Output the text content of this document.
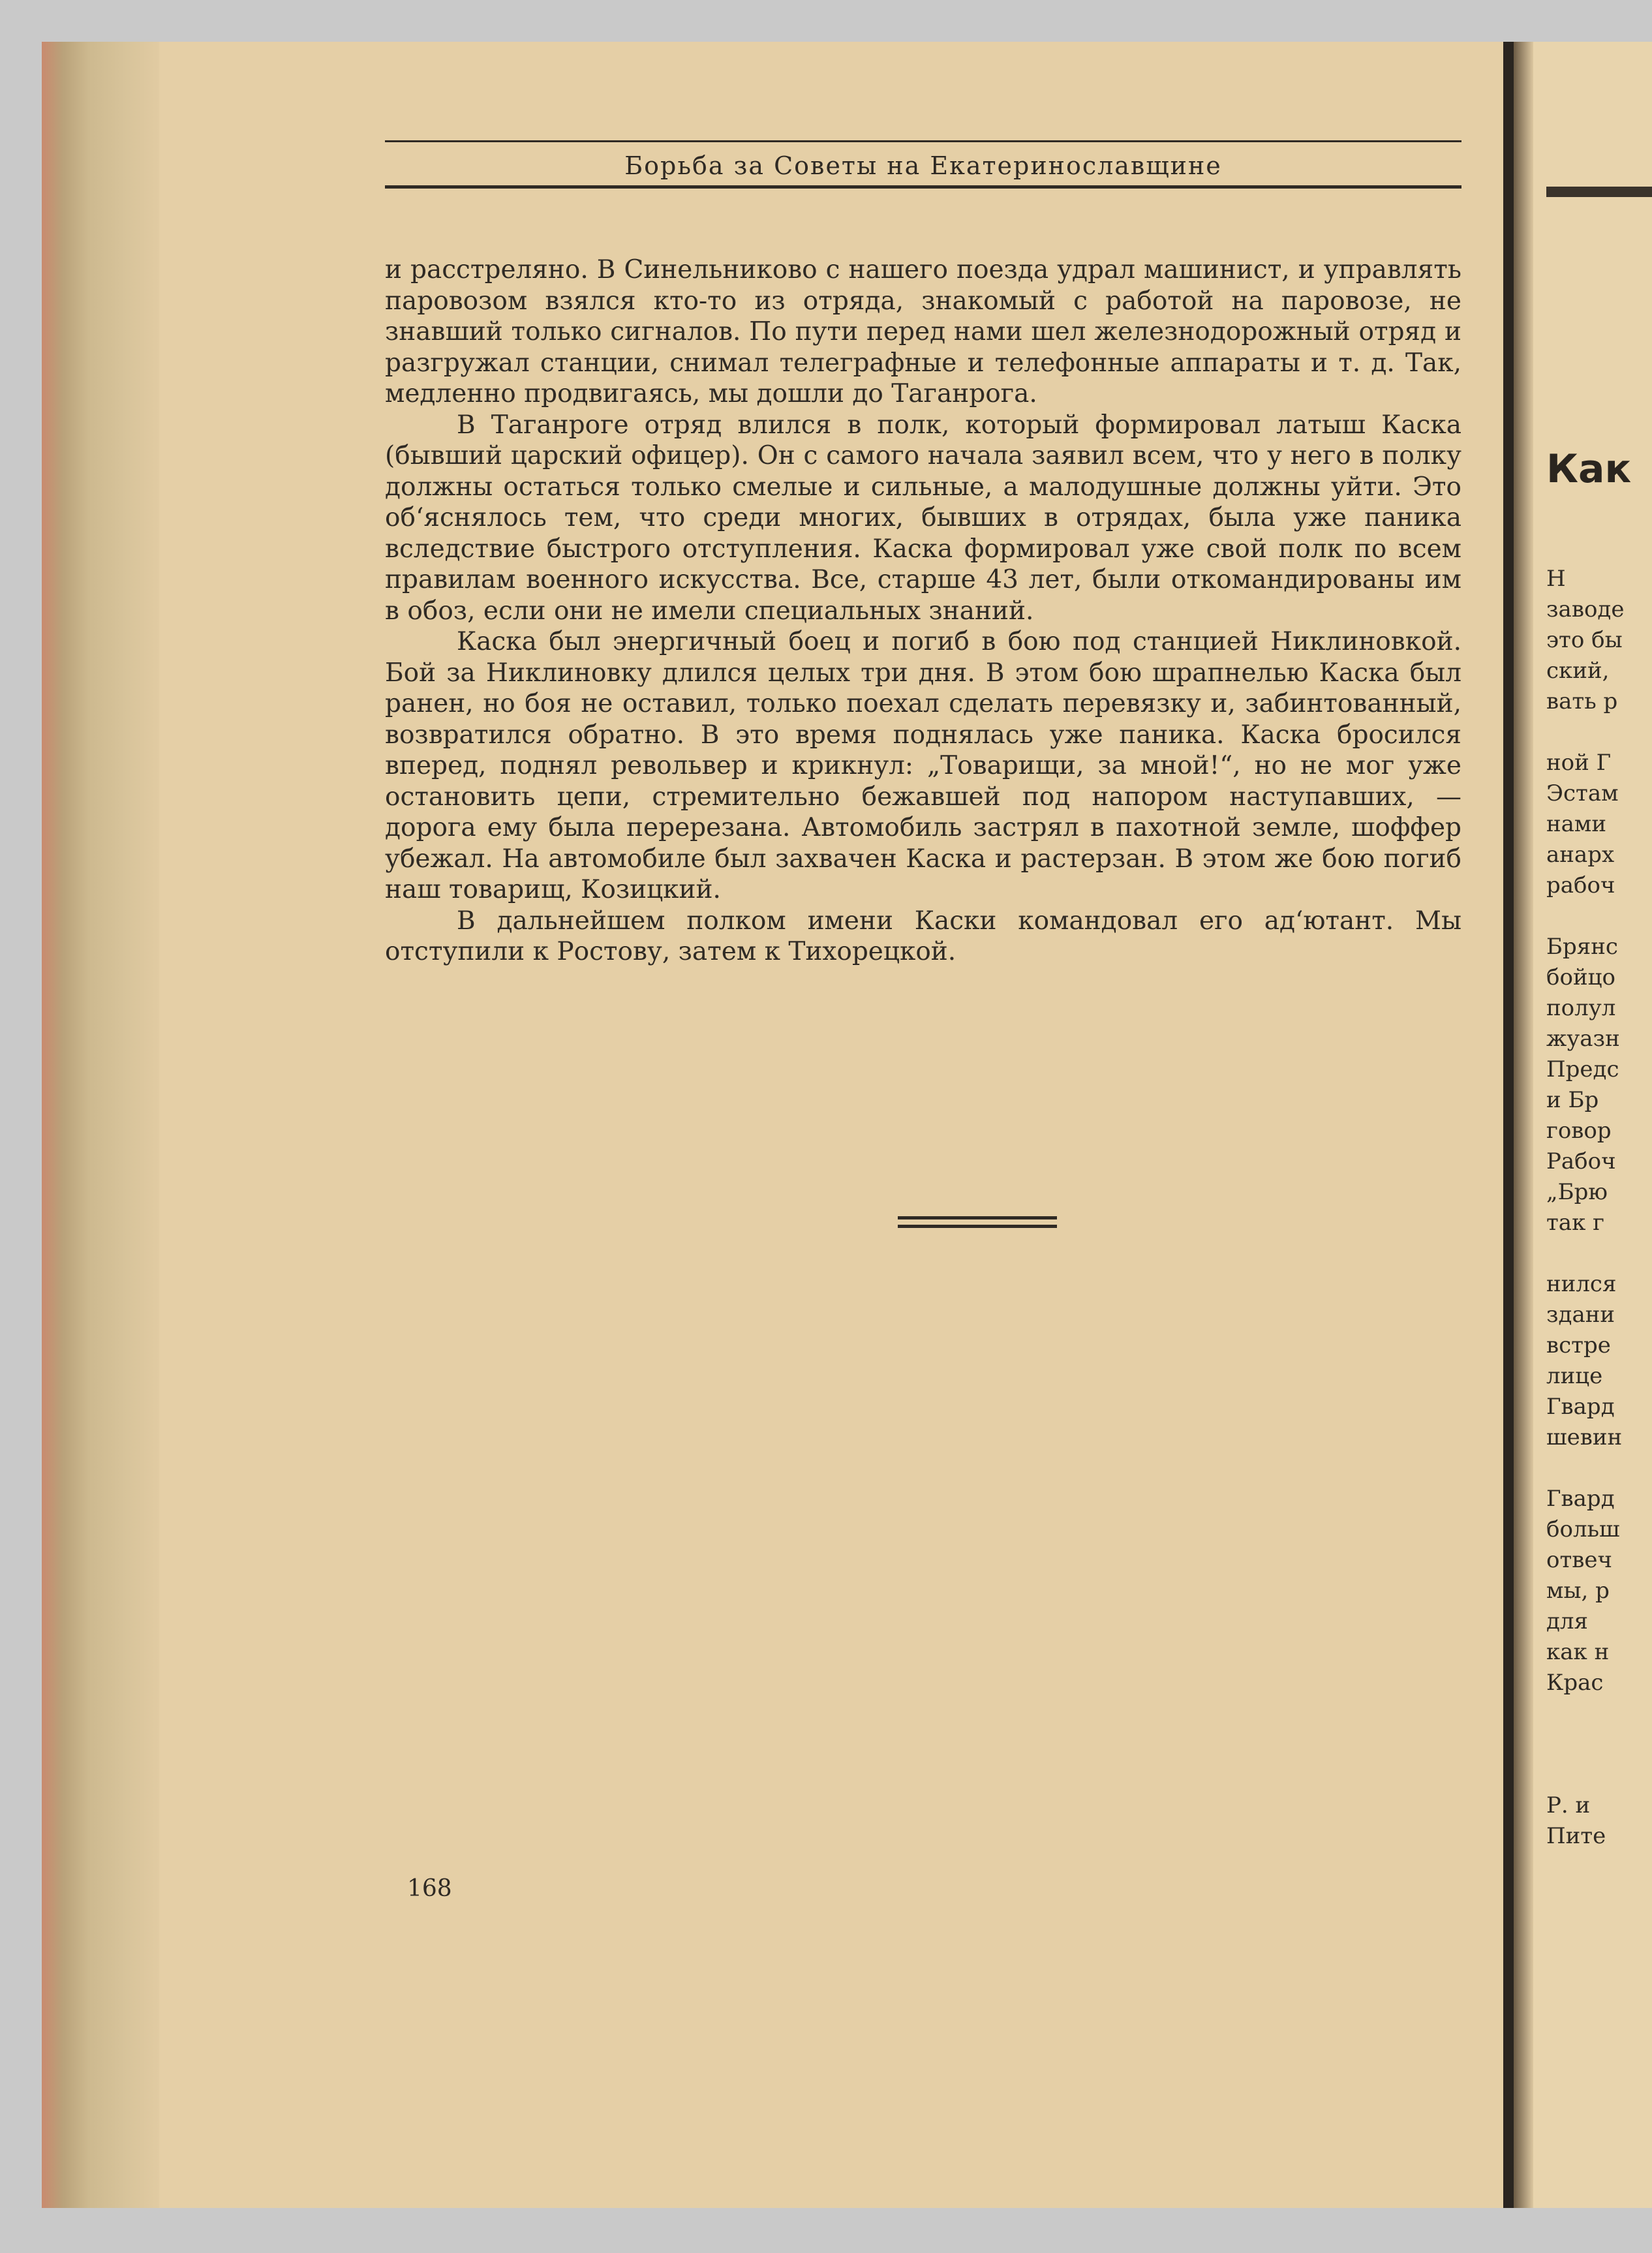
Борьба за Советы на Екатеринославщине

и расстреляно. В Синельниково с нашего поезда удрал машинист, и управлять паровозом взялся кто-то из отряда, знакомый с работой на паровозе, не знавший только сигналов. По пути перед нами шел железнодорожный отряд и разгружал станции, снимал телеграфные и телефонные аппараты и т. д. Так, медленно продвигаясь, мы дошли до Таганрога.

В Таганроге отряд влился в полк, который формировал латыш Каска (бывший царский офицер). Он с самого начала заявил всем, что у него в полку должны остаться только смелые и сильные, а малодушные должны уйти. Это об‘яснялось тем, что среди многих, бывших в отрядах, была уже паника вследствие быстрого отступления. Каска формировал уже свой полк по всем правилам военного искусства. Все, старше 43 лет, были откомандированы им в обоз, если они не имели специальных знаний.

Каска был энергичный боец и погиб в бою под станцией Никлиновкой. Бой за Никлиновку длился целых три дня. В этом бою шрапнелью Каска был ранен, но боя не оставил, только поехал сделать перевязку и, забинтованный, возвратился обратно. В это время поднялась уже паника. Каска бросился вперед, поднял револьвер и крикнул: „Товарищи, за мной!“, но не мог уже остановить цепи, стремительно бежавшей под напором наступавших, — дорога ему была перерезана. Автомобиль застрял в пахотной земле, шоффер убежал. На автомобиле был захвачен Каска и растерзан. В этом же бою погиб наш товарищ, Козицкий.

В дальнейшем полком имени Каски командовал его ад‘ютант. Мы отступили к Ростову, затем к Тихорецкой.

168
Как
Н
заводе
это бы
ский,
вать р
ной Г
Эстам
нами
анарх
рабоч
Брянс
бойцо
полул
жуазн
Предс
и Бр
говор
Рабоч
„Брю
так г
нился
здани
встре
лице
Гвард
шевин
Гвард
больш
отвеч
мы, р
для
как н
Крас
Р. и
Пите
